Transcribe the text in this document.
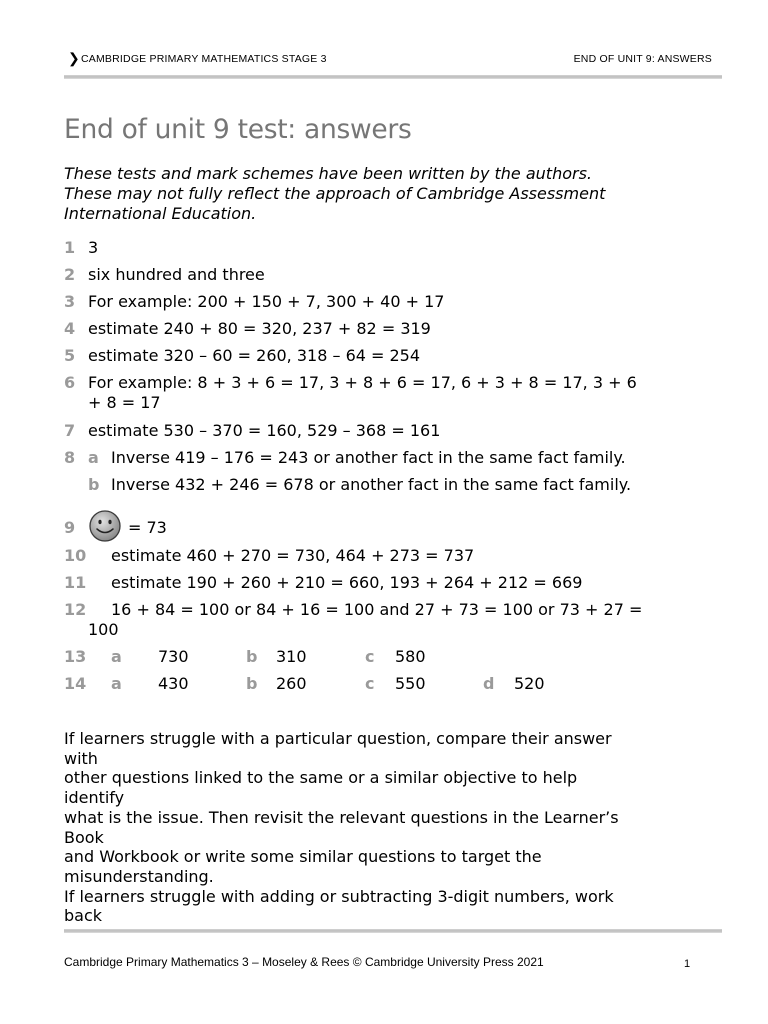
❯ CAMBRIDGE PRIMARY MATHEMATICS STAGE 3	END OF UNIT 9: ANSWERS
End of unit 9 test: answers
These tests and mark schemes have been written by the authors.
These may not fully reflect the approach of Cambridge Assessment
International Education.
1 3
2 six hundred and three
3 For example: 200 + 150 + 7, 300 + 40 + 17
4 estimate 240 + 80 = 320, 237 + 82 = 319
5 estimate 320 – 60 = 260, 318 – 64 = 254
6 For example: 8 + 3 + 6 = 17, 3 + 8 + 6 = 17, 6 + 3 + 8 = 17, 3 + 6
+ 8 = 17
7 estimate 530 – 370 = 160, 529 – 368 = 161
8 a Inverse 419 – 176 = 243 or another fact in the same fact family.
b Inverse 432 + 246 = 678 or another fact in the same fact family.
9	= 73
10 estimate 460 + 270 = 730, 464 + 273 = 737
11 estimate 190 + 260 + 210 = 660, 193 + 264 + 212 = 669
12 16 + 84 = 100 or 84 + 16 = 100 and 27 + 73 = 100 or 73 + 27 =
100
13 a 730	b 310	c 580
14 a 430	b 260	c 550	d 520
If learners struggle with a particular question, compare their answer
with
other questions linked to the same or a similar objective to help
identify
what is the issue. Then revisit the relevant questions in the Learner’s
Book
and Workbook or write some similar questions to target the
misunderstanding.
If learners struggle with adding or subtracting 3-digit numbers, work
back
Cambridge Primary Mathematics 3 – Moseley & Rees © Cambridge University Press 2021	1
